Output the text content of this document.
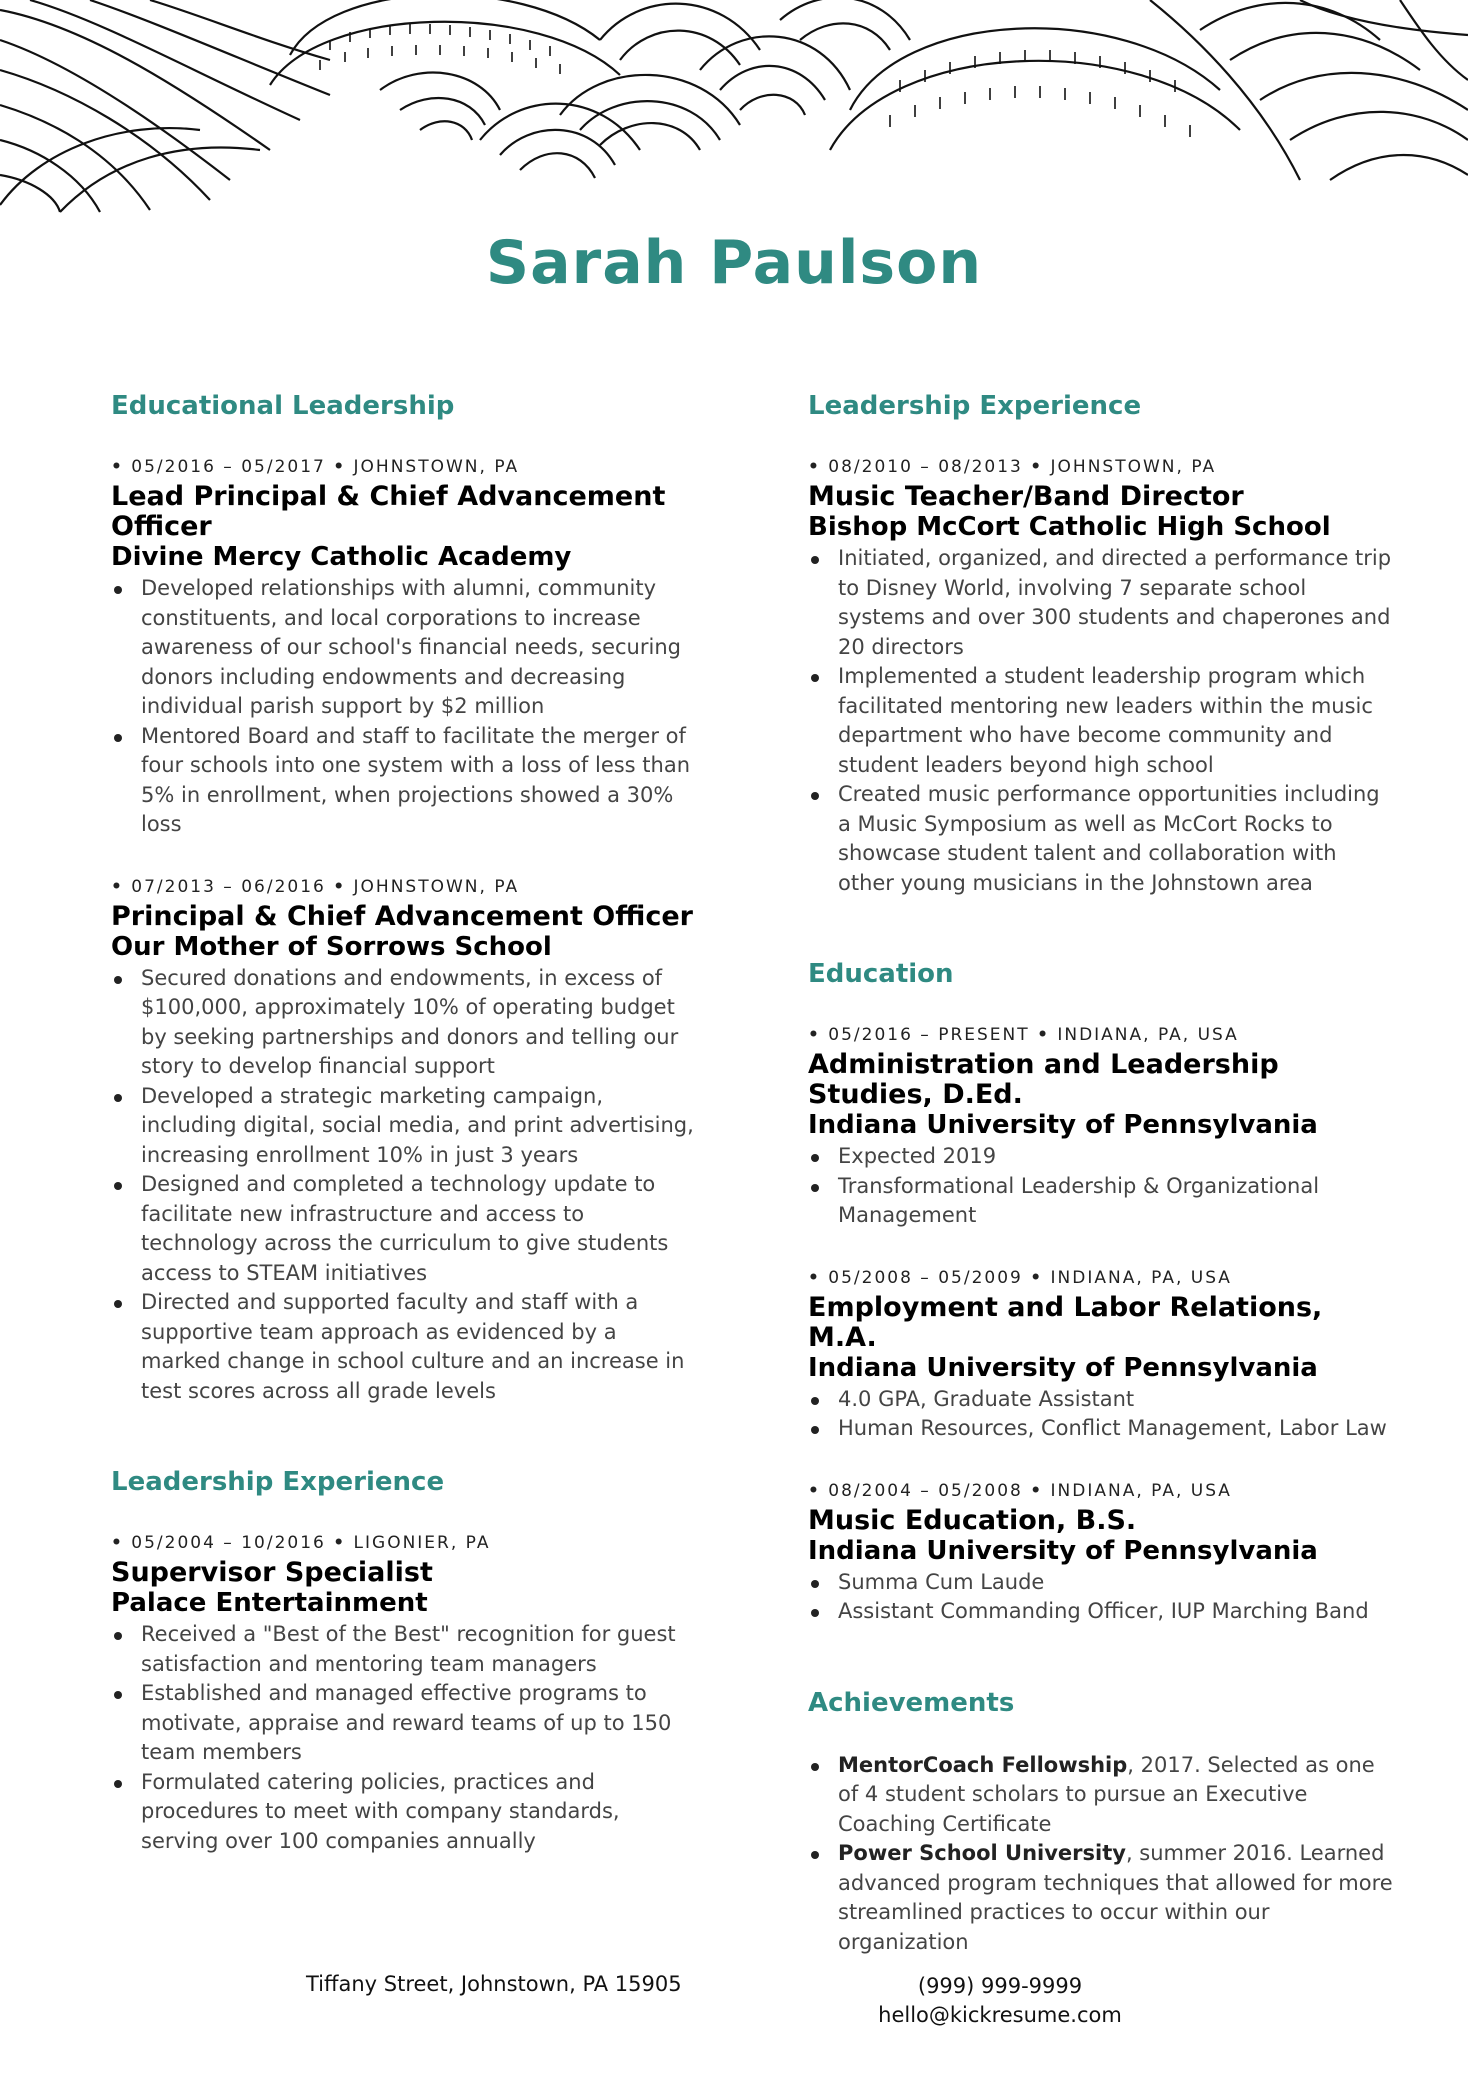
Sarah Paulson
Educational Leadership

• 05/2016 – 05/2017 • JOHNSTOWN, PA

Lead Principal & Chief Advancement Officer

Divine Mercy Catholic Academy

Developed relationships with alumni, community constituents, and local corporations to increase awareness of our school's financial needs, securing donors including endowments and decreasing individual parish support by $2 million
Mentored Board and staff to facilitate the merger of four schools into one system with a loss of less than 5% in enrollment, when projections showed a 30% loss

• 07/2013 – 06/2016 • JOHNSTOWN, PA

Principal & Chief Advancement Officer

Our Mother of Sorrows School

Secured donations and endowments, in excess of $100,000, approximately 10% of operating budget by seeking partnerships and donors and telling our story to develop financial support
Developed a strategic marketing campaign, including digital, social media, and print advertising, increasing enrollment 10% in just 3 years
Designed and completed a technology update to facilitate new infrastructure and access to technology across the curriculum to give students access to STEAM initiatives
Directed and supported faculty and staff with a supportive team approach as evidenced by a marked change in school culture and an increase in test scores across all grade levels
Leadership Experience

• 05/2004 – 10/2016 • LIGONIER, PA

Supervisor Specialist

Palace Entertainment

Received a "Best of the Best" recognition for guest satisfaction and mentoring team managers
Established and managed effective programs to motivate, appraise and reward teams of up to 150 team members
Formulated catering policies, practices and procedures to meet with company standards, serving over 100 companies annually
Leadership Experience

• 08/2010 – 08/2013 • JOHNSTOWN, PA

Music Teacher/Band Director

Bishop McCort Catholic High School

Initiated, organized, and directed a performance trip to Disney World, involving 7 separate school systems and over 300 students and chaperones and 20 directors
Implemented a student leadership program which facilitated mentoring new leaders within the music department who have become community and student leaders beyond high school
Created music performance opportunities including a Music Symposium as well as McCort Rocks to showcase student talent and collaboration with other young musicians in the Johnstown area
Education

• 05/2016 – PRESENT • INDIANA, PA, USA

Administration and Leadership Studies, D.Ed.

Indiana University of Pennsylvania

Expected 2019
Transformational Leadership & Organizational Management

• 05/2008 – 05/2009 • INDIANA, PA, USA

Employment and Labor Relations, M.A.

Indiana University of Pennsylvania

4.0 GPA, Graduate Assistant
Human Resources, Conflict Management, Labor Law

• 08/2004 – 05/2008 • INDIANA, PA, USA

Music Education, B.S.

Indiana University of Pennsylvania

Summa Cum Laude
Assistant Commanding Officer, IUP Marching Band
Achievements
MentorCoach Fellowship, 2017. Selected as one of 4 student scholars to pursue an Executive Coaching Certificate
Power School University, summer 2016. Learned advanced program techniques that allowed for more streamlined practices to occur within our organization
Tiffany Street, Johnstown, PA 15905	(999) 999-9999
hello@kickresume.com
